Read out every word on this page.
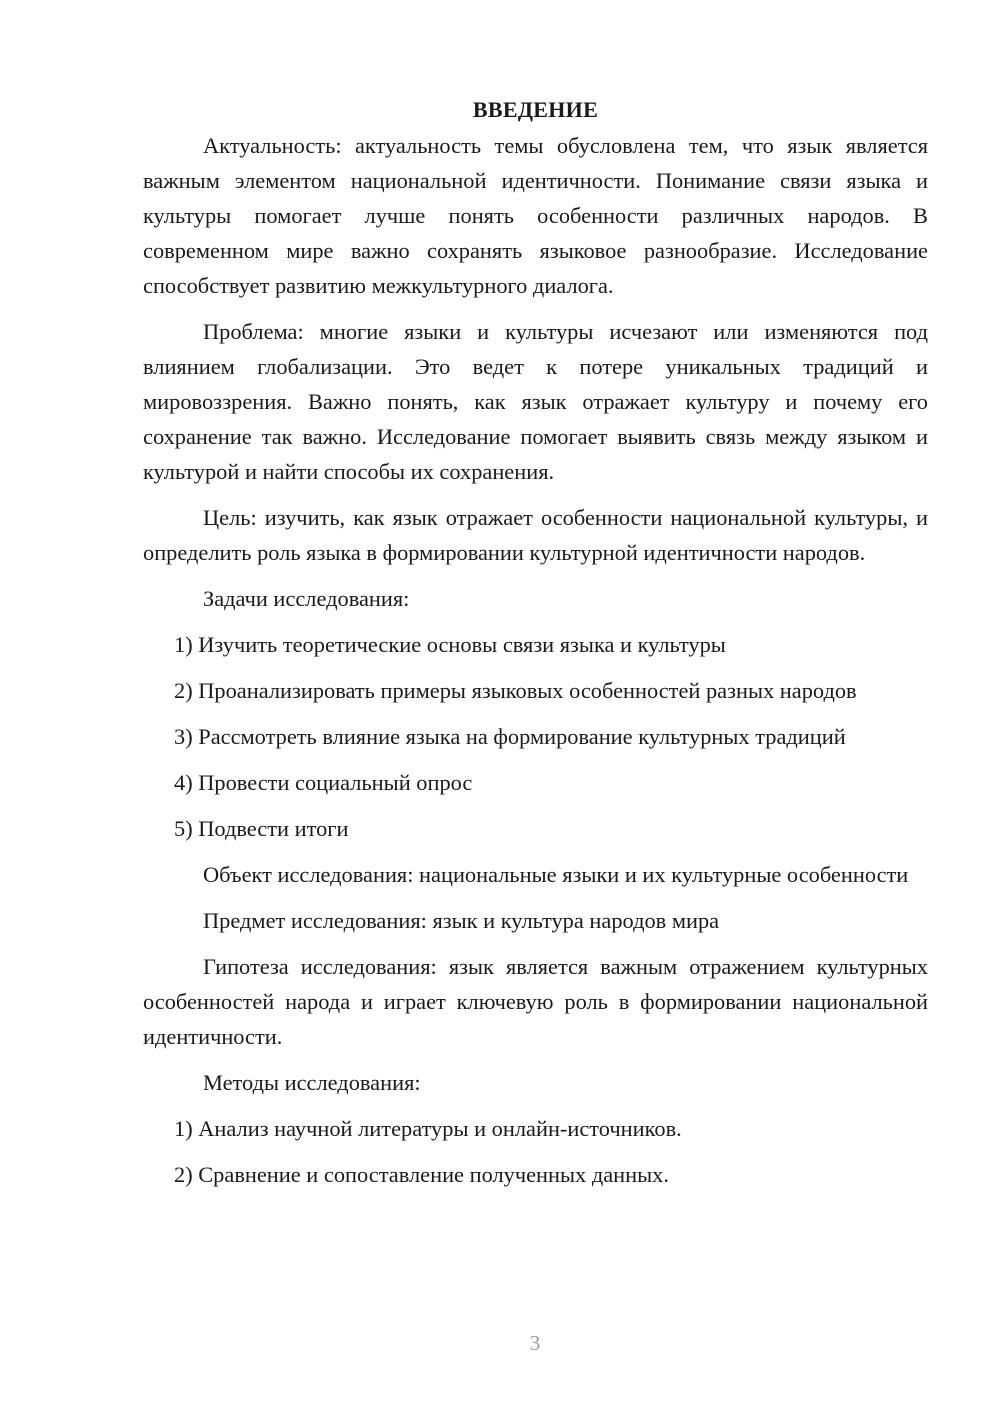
ВВЕДЕНИЕ

Актуальность: актуальность темы обусловлена тем, что язык является важным элементом национальной идентичности. Понимание связи языка и культуры помогает лучше понять особенности различных народов. В современном мире важно сохранять языковое разнообразие. Исследование способствует развитию межкультурного диалога.

Проблема: многие языки и культуры исчезают или изменяются под влиянием глобализации. Это ведет к потере уникальных традиций и мировоззрения. Важно понять, как язык отражает культуру и почему его сохранение так важно. Исследование помогает выявить связь между языком и культурой и найти способы их сохранения.

Цель: изучить, как язык отражает особенности национальной культуры, и определить роль языка в формировании культурной идентичности народов.

Задачи исследования:

1) Изучить теоретические основы связи языка и культуры

2) Проанализировать примеры языковых особенностей разных народов

3) Рассмотреть влияние языка на формирование культурных традиций

4) Провести социальный опрос

5) Подвести итоги

Объект исследования: национальные языки и их культурные особенности

Предмет исследования: язык и культура народов мира

Гипотеза исследования: язык является важным отражением культурных особенностей народа и играет ключевую роль в формировании национальной идентичности.

Методы исследования:

1) Анализ научной литературы и онлайн-источников.

2) Сравнение и сопоставление полученных данных.

3
